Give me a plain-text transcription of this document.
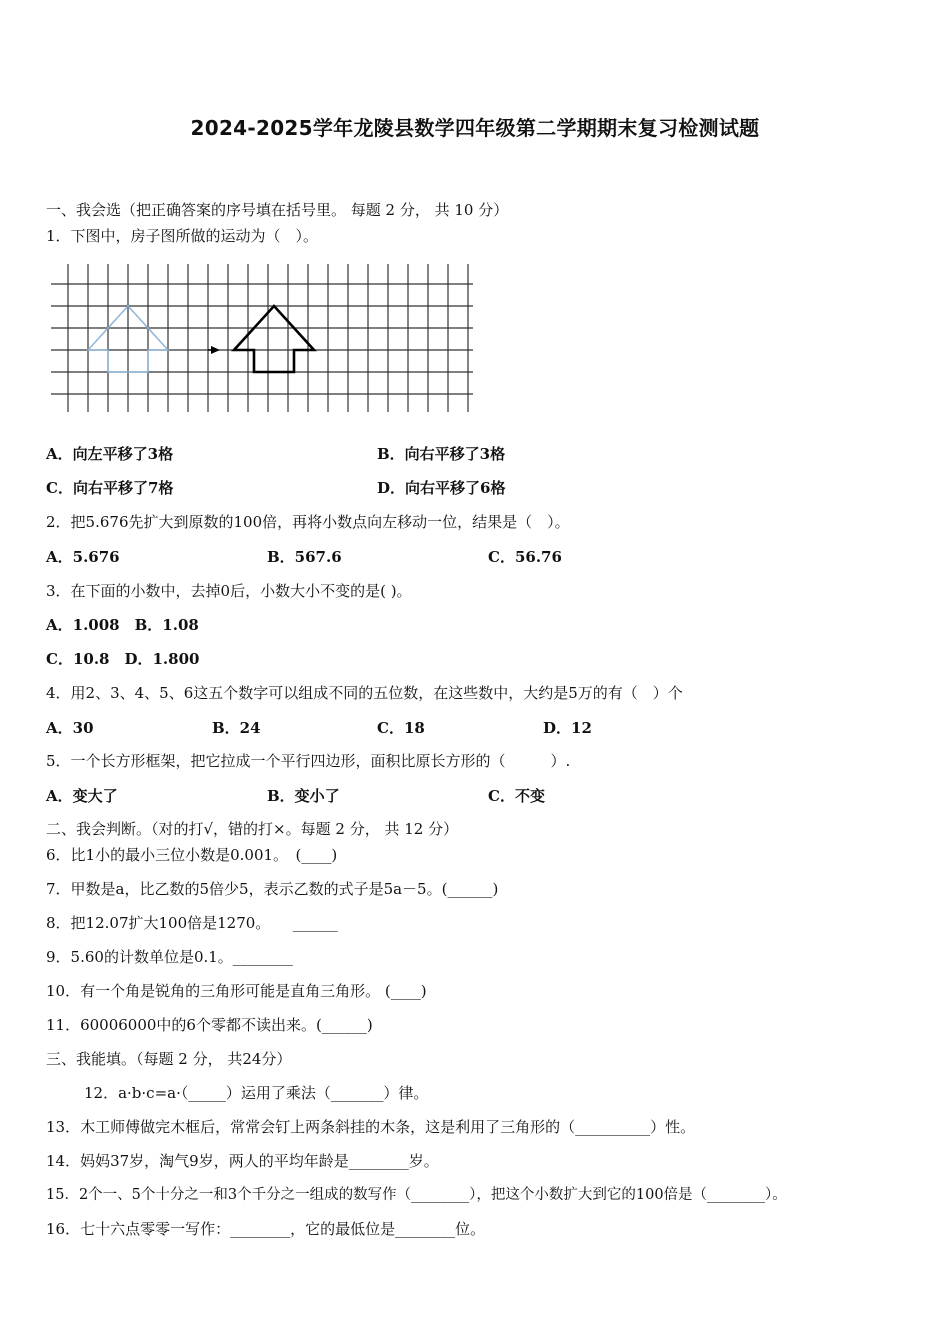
2024-2025学年龙陵县数学四年级第二学期期末复习检测试题
一、我会选（把正确答案的序号填在括号里。 每题 2 分， 共 10 分）
1．下图中，房子图所做的运动为（　）。
A．向左平移了3格	B．向右平移了3格
C．向右平移了7格	D．向右平移了6格
2．把5.676先扩大到原数的100倍，再将小数点向左移动一位，结果是（　）。
A．5.676	B．567.6	C．56.76
3．在下面的小数中，去掉0后，小数大小不变的是( )。
A．1.008　B．1.08
C．10.8　D．1.800
4．用2、3、4、5、6这五个数字可以组成不同的五位数，在这些数中，大约是5万的有（　）个
A．30	B．24	C．18	D．12
5．一个长方形框架，把它拉成一个平行四边形，面积比原长方形的（　　　）.
A．变大了	B．变小了	C．不变
二、我会判断。（对的打√，错的打×。每题 2 分， 共 12 分）
6．比1小的最小三位小数是0.001。　(____)
7．甲数是a，比乙数的5倍少5，表示乙数的式子是5a－5。(______)
8．把12.07扩大100倍是1270。　　______
9．5.60的计数单位是0.1。________
10．有一个角是锐角的三角形可能是直角三角形。 (____)
11．60006000中的6个零都不读出来。(______)
三、我能填。（每题 2 分， 共24分）
12．a·b·c=a·（_____）运用了乘法（_______）律。
13．木工师傅做完木框后，常常会钉上两条斜挂的木条，这是利用了三角形的（__________）性。
14．妈妈37岁，淘气9岁，两人的平均年龄是________岁。
15．2个一、5个十分之一和3个千分之一组成的数写作（________），把这个小数扩大到它的100倍是（________）。
16．七十六点零零一写作：________，它的最低位是________位。
